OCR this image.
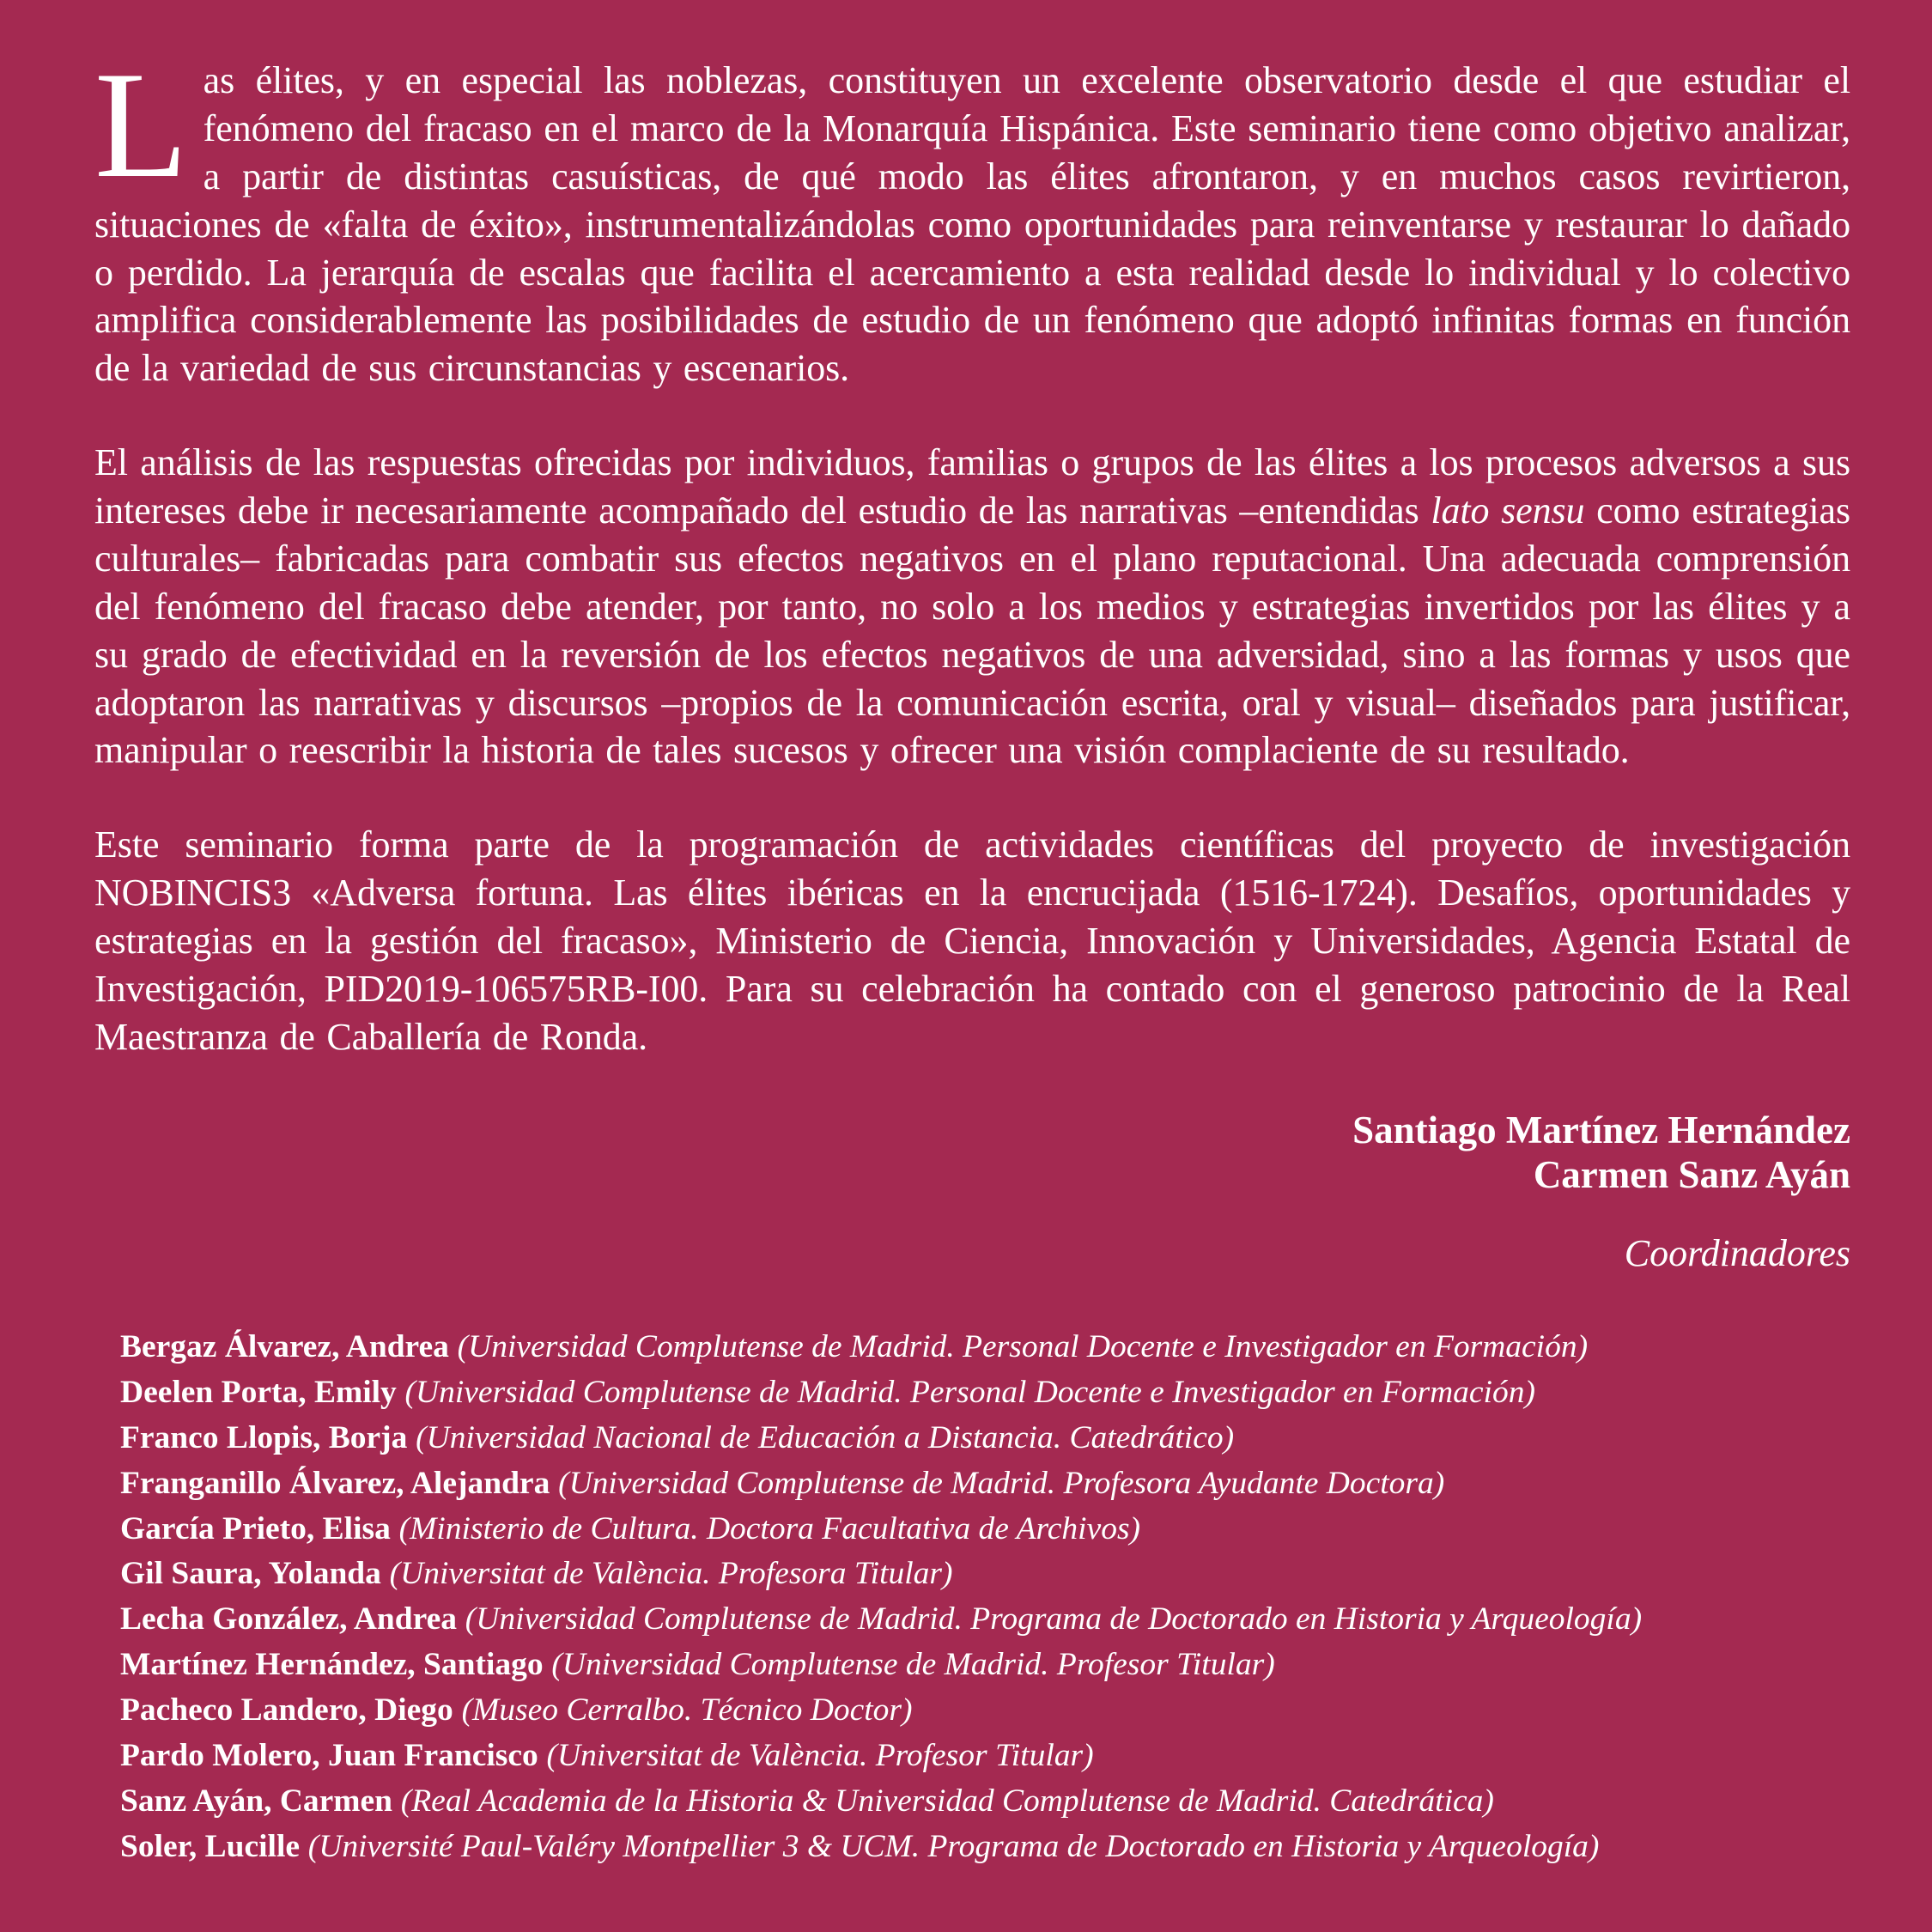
Las élites, y en especial las noblezas, constituyen un excelente observatorio desde el que estudiar el fenómeno del fracaso en el marco de la Monarquía Hispánica. Este seminario tiene como objetivo analizar, a partir de distintas casuísticas, de qué modo las élites afrontaron, y en muchos casos revirtieron, situaciones de «falta de éxito», instrumentalizándolas como oportunidades para reinventarse y restaurar lo dañado o perdido. La jerarquía de escalas que facilita el acercamiento a esta realidad desde lo individual y lo colectivo amplifica considerablemente las posibilidades de estudio de un fenómeno que adoptó infinitas formas en función de la variedad de sus circunstancias y escenarios.

El análisis de las respuestas ofrecidas por individuos, familias o grupos de las élites a los procesos adversos a sus intereses debe ir necesariamente acompañado del estudio de las narrativas –entendidas lato sensu como estrategias culturales– fabricadas para combatir sus efectos negativos en el plano reputacional. Una adecuada comprensión del fenómeno del fracaso debe atender, por tanto, no solo a los medios y estrategias invertidos por las élites y a su grado de efectividad en la reversión de los efectos negativos de una adversidad, sino a las formas y usos que adoptaron las narrativas y discursos –propios de la comunicación escrita, oral y visual– diseñados para justificar, manipular o reescribir la historia de tales sucesos y ofrecer una visión complaciente de su resultado.

Este seminario forma parte de la programación de actividades científicas del proyecto de investigación NOBINCIS3 «Adversa fortuna. Las élites ibéricas en la encrucijada (1516-1724). Desafíos, oportunidades y estrategias en la gestión del fracaso», Ministerio de Ciencia, Innovación y Universidades, Agencia Estatal de Investigación, PID2019-106575RB-I00. Para su celebración ha contado con el generoso patrocinio de la Real Maestranza de Caballería de Ronda.

Santiago Martínez Hernández
Carmen Sanz Ayán
Coordinadores
Bergaz Álvarez, Andrea (Universidad Complutense de Madrid. Personal Docente e Investigador en Formación)
Deelen Porta, Emily (Universidad Complutense de Madrid. Personal Docente e Investigador en Formación)
Franco Llopis, Borja (Universidad Nacional de Educación a Distancia. Catedrático)
Franganillo Álvarez, Alejandra (Universidad Complutense de Madrid. Profesora Ayudante Doctora)
García Prieto, Elisa (Ministerio de Cultura. Doctora Facultativa de Archivos)
Gil Saura, Yolanda (Universitat de València. Profesora Titular)
Lecha González, Andrea (Universidad Complutense de Madrid. Programa de Doctorado en Historia y Arqueología)
Martínez Hernández, Santiago (Universidad Complutense de Madrid. Profesor Titular)
Pacheco Landero, Diego (Museo Cerralbo. Técnico Doctor)
Pardo Molero, Juan Francisco (Universitat de València. Profesor Titular)
Sanz Ayán, Carmen (Real Academia de la Historia & Universidad Complutense de Madrid. Catedrática)
Soler, Lucille (Université Paul-Valéry Montpellier 3 & UCM. Programa de Doctorado en Historia y Arqueología)
